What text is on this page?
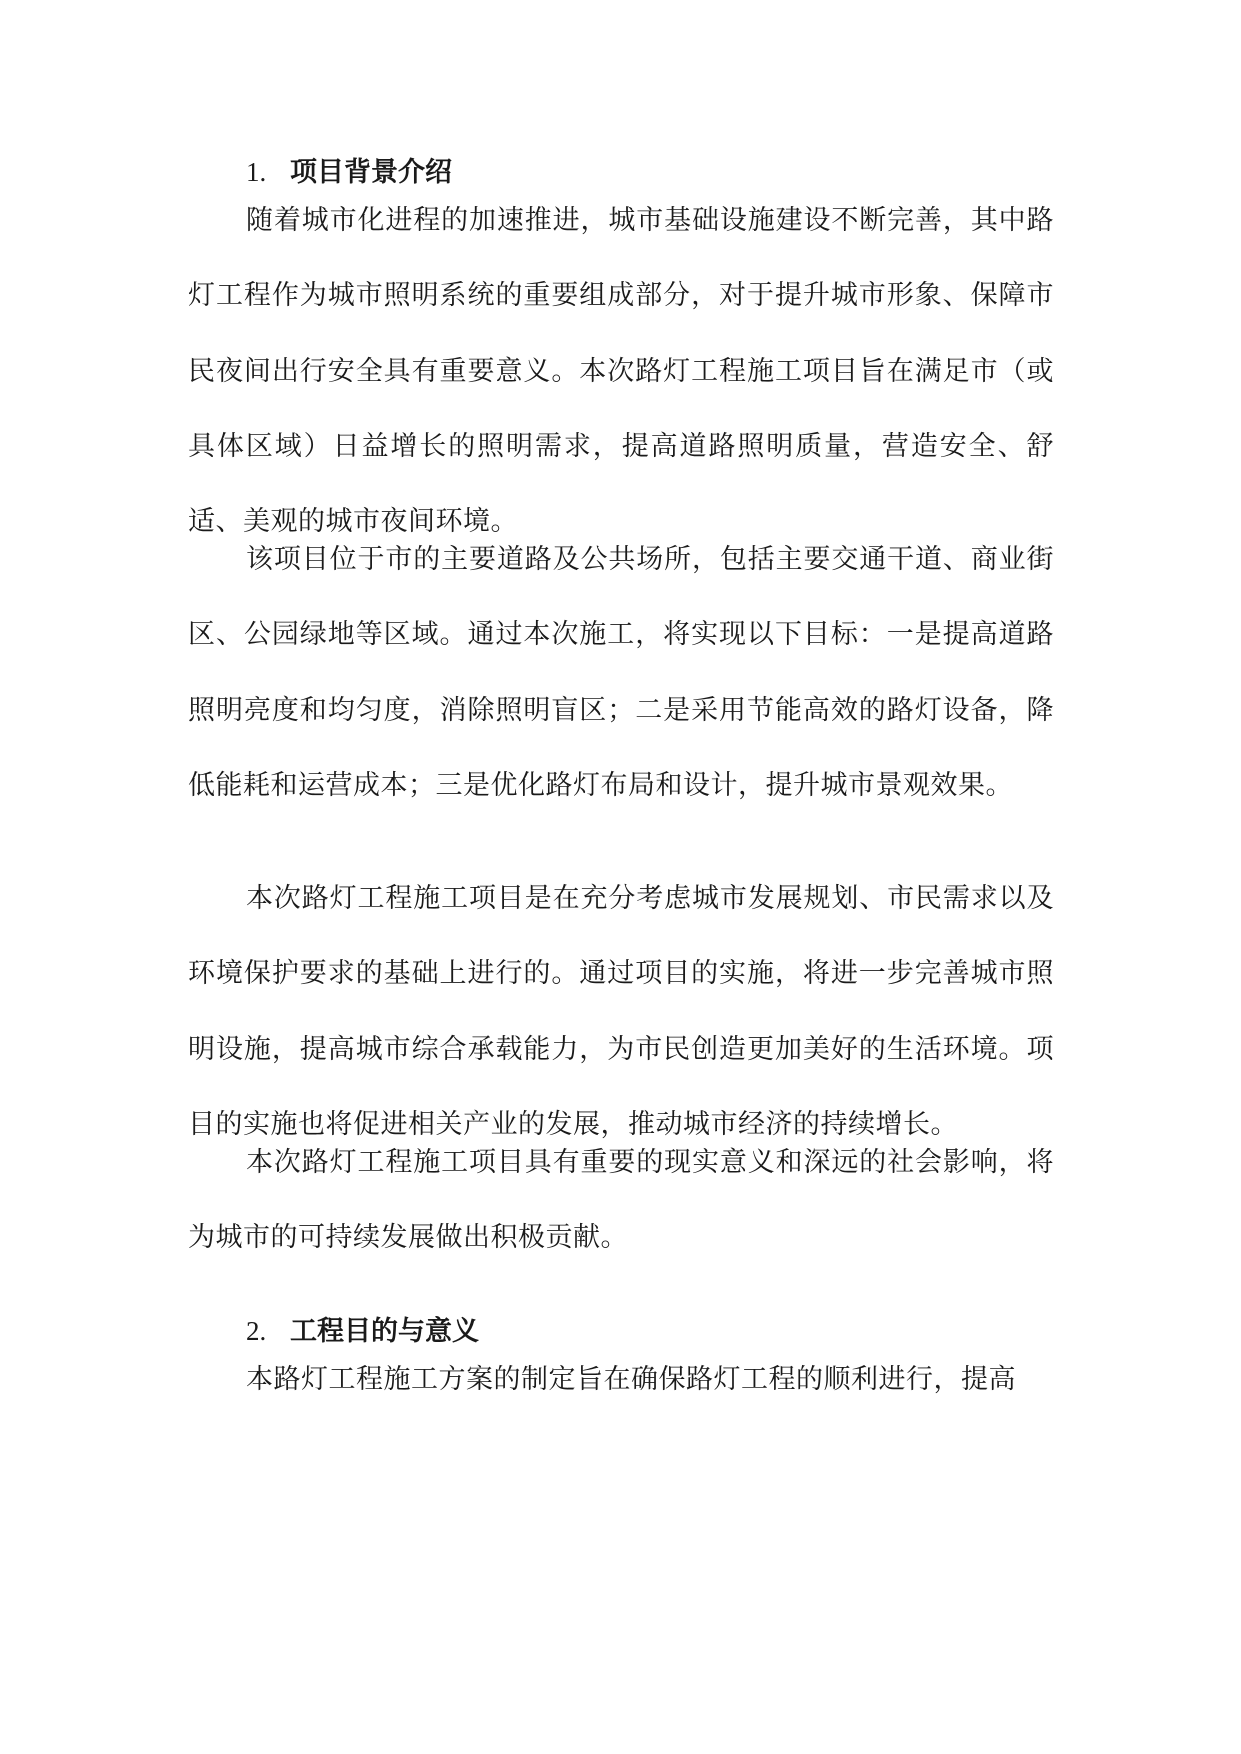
1. 项目背景介绍

随着城市化进程的加速推进，城市基础设施建设不断完善，其中路灯工程作为城市照明系统的重要组成部分，对于提升城市形象、保障市民夜间出行安全具有重要意义。本次路灯工程施工项目旨在满足市（或具体区域）日益增长的照明需求，提高道路照明质量，营造安全、舒适、美观的城市夜间环境。

该项目位于市的主要道路及公共场所，包括主要交通干道、商业街区、公园绿地等区域。通过本次施工，将实现以下目标：一是提高道路照明亮度和均匀度，消除照明盲区；二是采用节能高效的路灯设备，降低能耗和运营成本；三是优化路灯布局和设计，提升城市景观效果。

本次路灯工程施工项目是在充分考虑城市发展规划、市民需求以及环境保护要求的基础上进行的。通过项目的实施，将进一步完善城市照明设施，提高城市综合承载能力，为市民创造更加美好的生活环境。项目的实施也将促进相关产业的发展，推动城市经济的持续增长。

本次路灯工程施工项目具有重要的现实意义和深远的社会影响，将为城市的可持续发展做出积极贡献。

2. 工程目的与意义

本路灯工程施工方案的制定旨在确保路灯工程的顺利进行，提高
